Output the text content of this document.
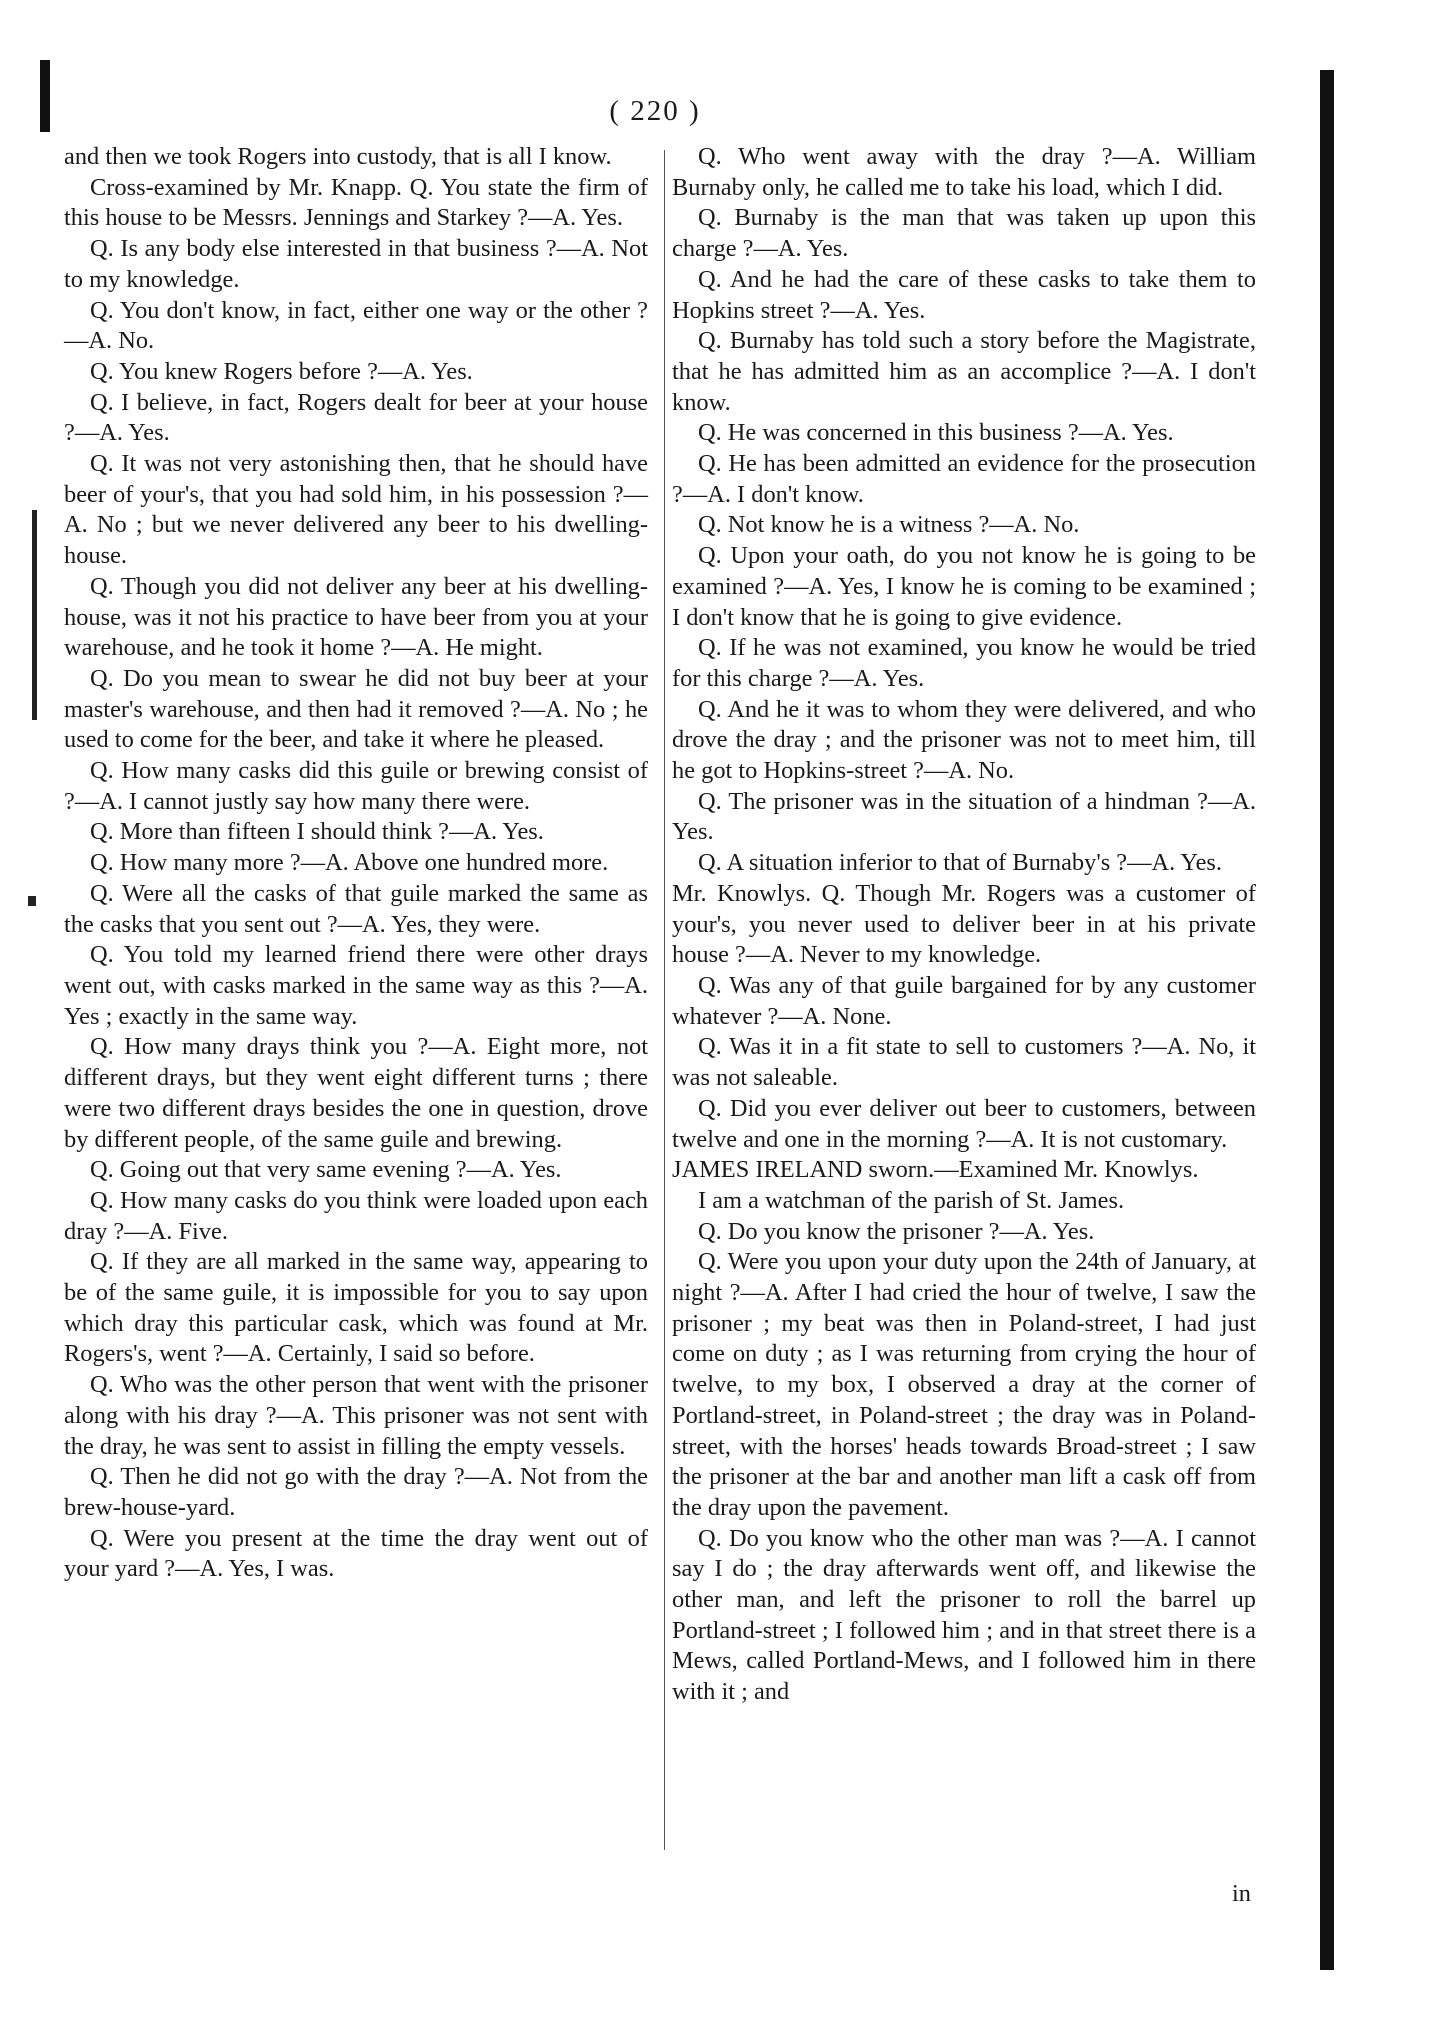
( 220 )

and then we took Rogers into custody, that is all I know.

Cross-examined by Mr. Knapp. Q. You state the firm of this house to be Messrs. Jennings and Starkey ?—A. Yes.

Q. Is any body else interested in that business ?—A. Not to my knowledge.

Q. You don't know, in fact, either one way or the other ?—A. No.

Q. You knew Rogers before ?—A. Yes.

Q. I believe, in fact, Rogers dealt for beer at your house ?—A. Yes.

Q. It was not very astonishing then, that he should have beer of your's, that you had sold him, in his possession ?—A. No ; but we never delivered any beer to his dwelling-house.

Q. Though you did not deliver any beer at his dwelling-house, was it not his practice to have beer from you at your warehouse, and he took it home ?—A. He might.

Q. Do you mean to swear he did not buy beer at your master's warehouse, and then had it removed ?—A. No ; he used to come for the beer, and take it where he pleased.

Q. How many casks did this guile or brewing consist of ?—A. I cannot justly say how many there were.

Q. More than fifteen I should think ?—A. Yes.

Q. How many more ?—A. Above one hundred more.

Q. Were all the casks of that guile marked the same as the casks that you sent out ?—A. Yes, they were.

Q. You told my learned friend there were other drays went out, with casks marked in the same way as this ?—A. Yes ; exactly in the same way.

Q. How many drays think you ?—A. Eight more, not different drays, but they went eight different turns ; there were two different drays besides the one in question, drove by different people, of the same guile and brewing.

Q. Going out that very same evening ?—A. Yes.

Q. How many casks do you think were loaded upon each dray ?—A. Five.

Q. If they are all marked in the same way, appearing to be of the same guile, it is impossible for you to say upon which dray this particular cask, which was found at Mr. Rogers's, went ?—A. Certainly, I said so before.

Q. Who was the other person that went with the prisoner along with his dray ?—A. This prisoner was not sent with the dray, he was sent to assist in filling the empty vessels.

Q. Then he did not go with the dray ?—A. Not from the brew-house-yard.

Q. Were you present at the time the dray went out of your yard ?—A. Yes, I was.

Q. Who went away with the dray ?—A. William Burnaby only, he called me to take his load, which I did.

Q. Burnaby is the man that was taken up upon this charge ?—A. Yes.

Q. And he had the care of these casks to take them to Hopkins street ?—A. Yes.

Q. Burnaby has told such a story before the Magistrate, that he has admitted him as an accomplice ?—A. I don't know.

Q. He was concerned in this business ?—A. Yes.

Q. He has been admitted an evidence for the prosecution ?—A. I don't know.

Q. Not know he is a witness ?—A. No.

Q. Upon your oath, do you not know he is going to be examined ?—A. Yes, I know he is coming to be examined ; I don't know that he is going to give evidence.

Q. If he was not examined, you know he would be tried for this charge ?—A. Yes.

Q. And he it was to whom they were delivered, and who drove the dray ; and the prisoner was not to meet him, till he got to Hopkins-street ?—A. No.

Q. The prisoner was in the situation of a hindman ?—A. Yes.

Q. A situation inferior to that of Burnaby's ?—A. Yes.

Mr. Knowlys. Q. Though Mr. Rogers was a customer of your's, you never used to deliver beer in at his private house ?—A. Never to my knowledge.

Q. Was any of that guile bargained for by any customer whatever ?—A. None.

Q. Was it in a fit state to sell to customers ?—A. No, it was not saleable.

Q. Did you ever deliver out beer to customers, between twelve and one in the morning ?—A. It is not customary.

JAMES IRELAND sworn.—Examined Mr. Knowlys.

I am a watchman of the parish of St. James.

Q. Do you know the prisoner ?—A. Yes.

Q. Were you upon your duty upon the 24th of January, at night ?—A. After I had cried the hour of twelve, I saw the prisoner ; my beat was then in Poland-street, I had just come on duty ; as I was returning from crying the hour of twelve, to my box, I observed a dray at the corner of Portland-street, in Poland-street ; the dray was in Poland-street, with the horses' heads towards Broad-street ; I saw the prisoner at the bar and another man lift a cask off from the dray upon the pavement.

Q. Do you know who the other man was ?—A. I cannot say I do ; the dray afterwards went off, and likewise the other man, and left the prisoner to roll the barrel up Portland-street ; I followed him ; and in that street there is a Mews, called Portland-Mews, and I followed him in there with it ; and

in
